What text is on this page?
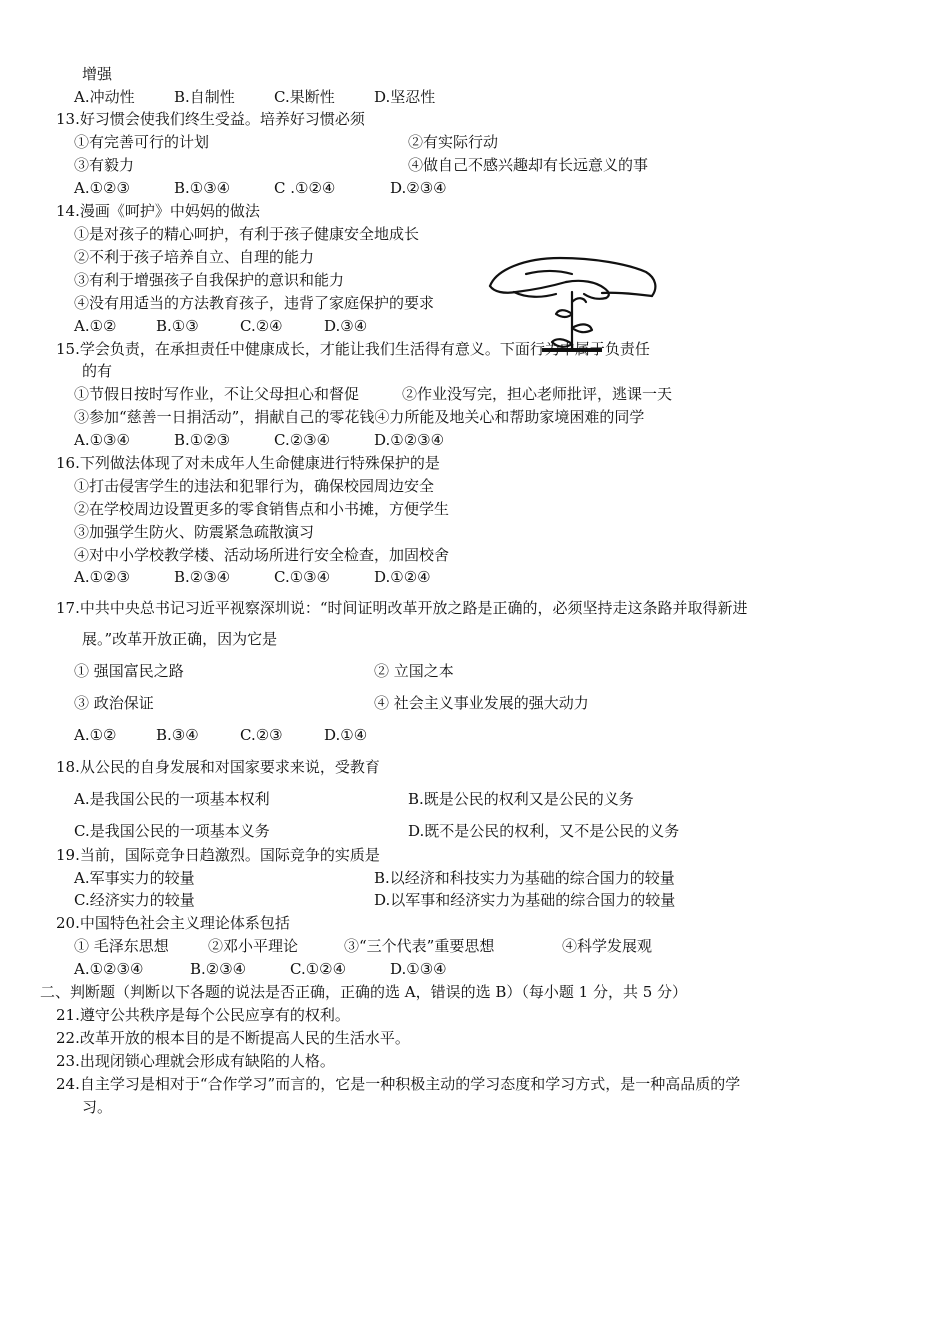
增强
A.冲动性	B.自制性	C.果断性	D.坚忍性
13.好习惯会使我们终生受益。培养好习惯必须
①有完善可行的计划	②有实际行动
③有毅力	④做自己不感兴趣却有长远意义的事
A.①②③	B.①③④	C .①②④	D.②③④
14.漫画《呵护》中妈妈的做法
①是对孩子的精心呵护，有利于孩子健康安全地成长
②不利于孩子培养自立、自理的能力
③有利于增强孩子自我保护的意识和能力
④没有用适当的方法教育孩子，违背了家庭保护的要求
A.①②	B.①③	C.②④	D.③④
15.学会负责，在承担责任中健康成长，才能让我们生活得有意义。下面行为中属于负责任
的有
①节假日按时写作业，不让父母担心和督促	②作业没写完，担心老师批评，逃课一天
③参加“慈善一日捐活动”，捐献自己的零花钱④力所能及地关心和帮助家境困难的同学
A.①③④	B.①②③	C.②③④	D.①②③④
16.下列做法体现了对未成年人生命健康进行特殊保护的是
①打击侵害学生的违法和犯罪行为，确保校园周边安全
②在学校周边设置更多的零食销售点和小书摊，方便学生
③加强学生防火、防震紧急疏散演习
④对中小学校教学楼、活动场所进行安全检查，加固校舍
A.①②③	B.②③④	C.①③④	D.①②④
17.中共中央总书记习近平视察深圳说：“时间证明改革开放之路是正确的，必须坚持走这条路并取得新进
展。”改革开放正确，因为它是
① 强国富民之路	② 立国之本
③ 政治保证	④ 社会主义事业发展的强大动力
A.①②	B.③④	C.②③	D.①④
18.从公民的自身发展和对国家要求来说，受教育
A.是我国公民的一项基本权利	B.既是公民的权利又是公民的义务
C.是我国公民的一项基本义务	D.既不是公民的权利，又不是公民的义务
19.当前，国际竞争日趋激烈。国际竞争的实质是
A.军事实力的较量	B.以经济和科技实力为基础的综合国力的较量
C.经济实力的较量	D.以军事和经济实力为基础的综合国力的较量
20.中国特色社会主义理论体系包括
① 毛泽东思想	②邓小平理论	③“三个代表”重要思想	④科学发展观
A.①②③④	B.②③④	C.①②④	D.①③④
二、判断题（判断以下各题的说法是否正确，正确的选 A，错误的选 B）（每小题 1 分，共 5 分）
21.遵守公共秩序是每个公民应享有的权利。
22.改革开放的根本目的是不断提高人民的生活水平。
23.出现闭锁心理就会形成有缺陷的人格。
24.自主学习是相对于“合作学习”而言的，它是一种积极主动的学习态度和学习方式，是一种高品质的学
习。
